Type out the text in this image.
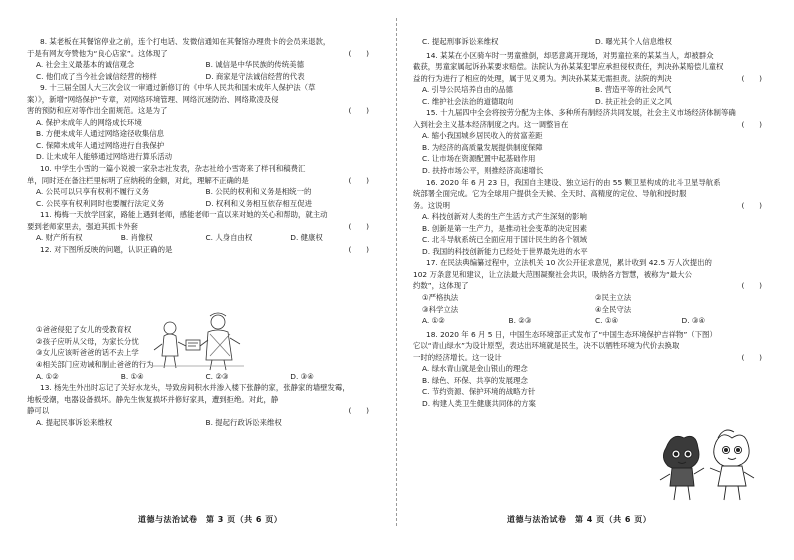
8. 某老板在其餐馆停业之前，连个打电话、发微信通知在其餐馆办理贵卡的会员来退款，
于是有网友夸赞他为“良心店家”。这体现了	(　　)
A. 社会主义最基本的诚信观念	B. 诚信是中华民族的传统美德
C. 他们成了当今社会诚信经营的榜样	D. 商家是守法诚信经营的代表
9. 十三届全国人大三次会议一审通过新修订的《中华人民共和国未成年人保护法（草
案）》，新增“网络保护”专章，对网络环境管理、网络沉迷防治、网络欺凌及侵
害的预防和应对等作出全面规范。这是为了	(　　)
A. 保护未成年人的网络成长环境
B. 方便未成年人通过网络途径收集信息
C. 保障未成年人通过网络进行自我保护
D. 让未成年人能够通过网络进行算乐活动
10. 中学生小雪的一篇小说被一家杂志社发表，杂志社给小雪寄来了样刊和稿费汇
单，同时还在备注栏里标明了应纳税的金额，对此，理解不正确的是	(　　)
A. 公民可以只享有权利不履行义务	B. 公民的权利和义务是相统一的
C. 公民享有权利同时也要履行法定义务	D. 权利和义务相互依存相互促进
11. 梅梅一天放学回家，路能上遇到老师，感能老师一直以来对她的关心和帮助，就主动
要到老师家里去，强迫其抓卡外套	(　　)
A. 财产所有权	B. 肖像权	C. 人身自由权	D. 健康权
12. 对下图所反映的问题，认识正确的是	(　　)
①爸爸侵犯了女儿的受教育权
②孩子应听从父母，为家长分忧
③女儿应该听爸爸的话不去上学
④相关部门应劝诫和制止爸爸的行为
A. ①②	B. ①④	C. ②③	D. ③④
13. 杨先生外出时忘记了关好水龙头，导致房间积水并渗入楼下张静的家，张静家的墙壁发霉，
地板受潮，电器设备损坏。静先生恢复损坏并修好家具，遭到拒绝。对此，静
静可以	(　　)
A. 提起民事诉讼来维权	B. 提起行政诉讼来维权
道德与法治试卷　第 3 页（共 6 页）
C. 提起刑事诉讼来维权	D. 曝光其个人信息维权
14. 某某在小区骑车时一男童推倒，却恶意离开现场，对男童拉来的某某当人，却被群众
截获，男童家属起诉孙某要求赔偿。法院认为孙某某犯罪应承担侵权责任，判决孙某赔偿儿童权
益的行为进行了相应的处理，属于见义勇为。判决孙某某无需担责。法院的判决	(　　)
A. 引导公民培养自由的品德	B. 营造平等的社会风气
C. 维护社会法治的道德取向	D. 扶正社会的正义之风
15. 十九届四中全会将按劳分配为主体、多种所有制经济共同发展，社会主义市场经济体制等确
入到社会主义基本经济制度之内。这一调整旨在	(　　)
A. 缩小我国城乡居民收入的贫富差距
B. 为经济的高质量发展提供制度保障
C. 让市场在资源配置中起基础作用
D. 扶持市场公平，则推经济高速增长
16. 2020 年 6 月 23 日，我国自主建设、独立运行的由 55 颗卫星构成的北斗卫星导航系
统部署全面完成。它为全球用户提供全天候、全天时、高精度的定位、导航和授时服
务。这说明	(　　)
A. 科技创新对人类的生产生活方式产生深刻的影响
B. 创新是第一生产力，是推动社会变革的决定因素
C. 北斗导航系统已全面应用于国计民生的各个领域
D. 我国的科技创新能力已经处于世界最先进的水平
17. 在民法典编纂过程中，立法机关 10 次公开征求意见，累计收到 42.5 万人次提出的
102 万条意见和建议，让立法最大范围凝聚社会共识，吸纳各方智慧，被称为“最大公
约数”，这体现了	(　　)
①严格执法	②民主立法
③科学立法	④全民守法
A. ①②	B. ②③	C. ①④	D. ③④
18. 2020 年 6 月 5 日，中国生态环境部正式发布了“中国生态环境保护吉祥物”（下图）
它以“青山绿水”为设计原型，表达出环境就是民生，决不以牺牲环境为代价去换取
一时的经济增长。这一设计	(　　)
A. 绿水青山就是金山银山的理念
B. 绿色、环保、共享的发展理念
C. 节约资源、保护环境的战略方针
D. 构建人类卫生健康共同体的方案
道德与法治试卷　第 4 页（共 6 页）
